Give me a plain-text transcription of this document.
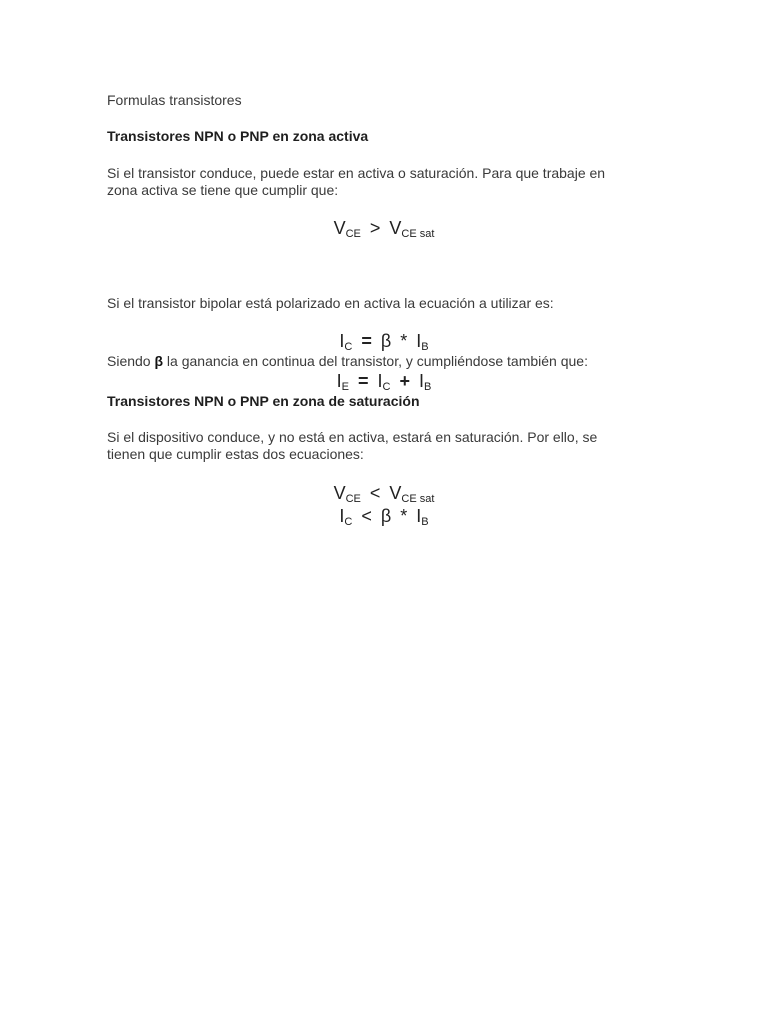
Formulas transistores
Transistores NPN o PNP en zona activa
Si el transistor conduce, puede estar en activa o saturación. Para que trabaje en
zona activa se tiene que cumplir que:
$V_{CE} > V_{CE sat}$
Si el transistor bipolar está polarizado en activa la ecuación a utilizar es:
$I_C = \beta * I_B$
Siendo β la ganancia en continua del transistor, y cumpliéndose también que:
$I_E = I_C + I_B$
Transistores NPN o PNP en zona de saturación
Si el dispositivo conduce, y no está en activa, estará en saturación. Por ello, se
tienen que cumplir estas dos ecuaciones:
$V_{CE} < V_{CE sat}$
$I_C < \beta * I_B$
